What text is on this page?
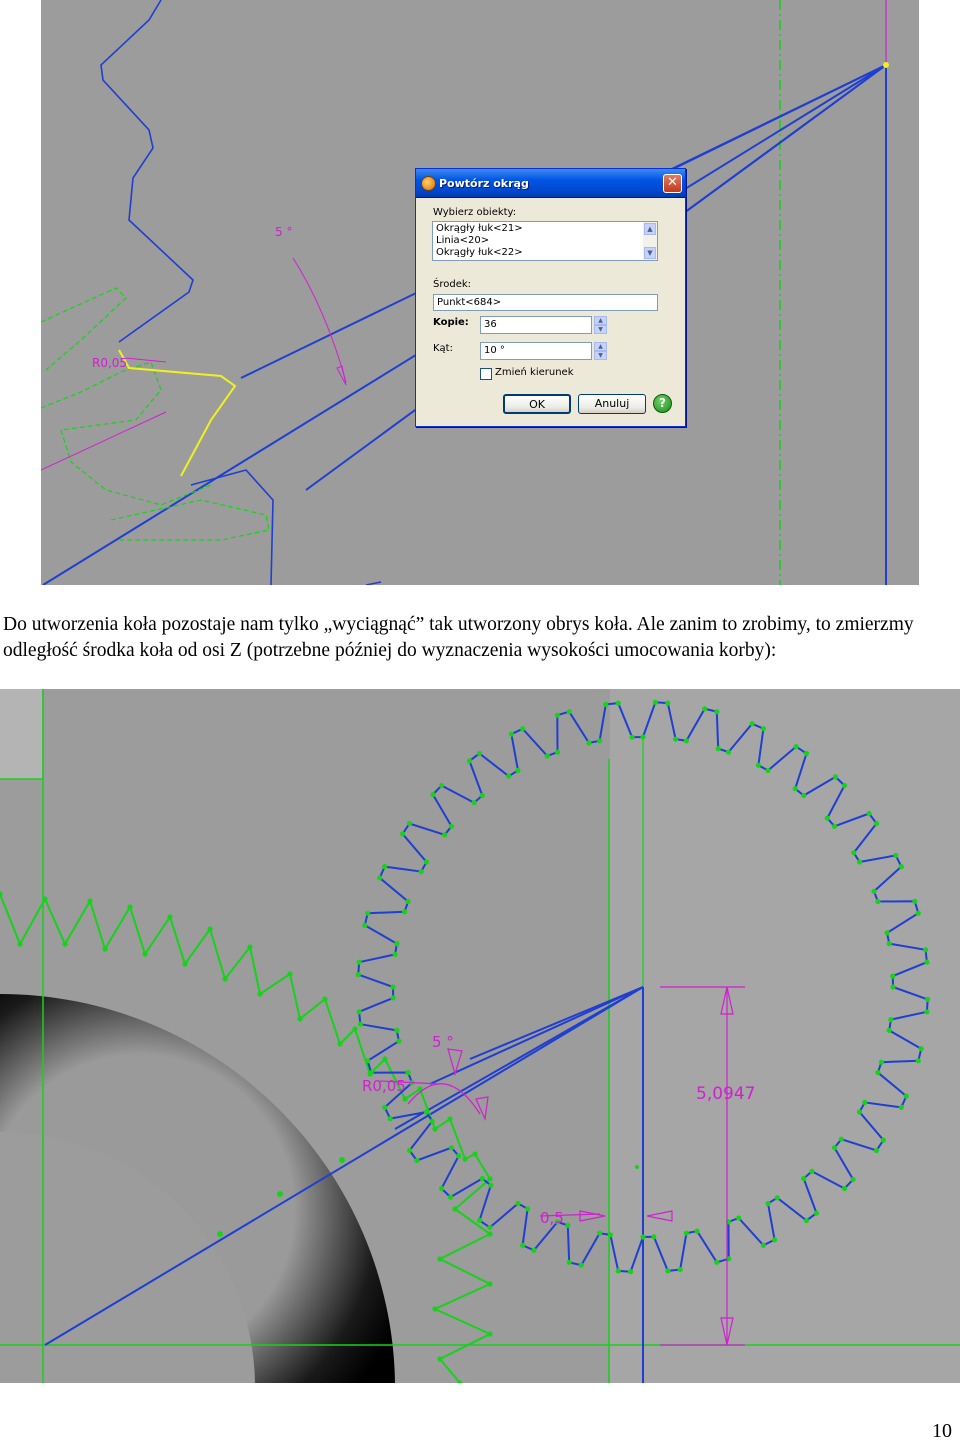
5 °
R0,05
Powtórz okrąg	✕
Wybierz obiekty:
Okrągły łuk<21>
Linia<20>
Okrągły łuk<22>
▲
▼
Środek:
Punkt<684>
Kopie:	36	▲
▼
Kąt:	10 °	▲
▼
Zmień kierunek
OK	Anuluj	?

Do utworzenia koła pozostaje nam tylko „wyciągnąć” tak utworzony obrys koła. Ale zanim to zrobimy, to zmierzmy odległość środka koła od osi Z (potrzebne później do wyznaczenia wysokości umocowania korby):

5 °
R0,05
0,5
5,0947
10
